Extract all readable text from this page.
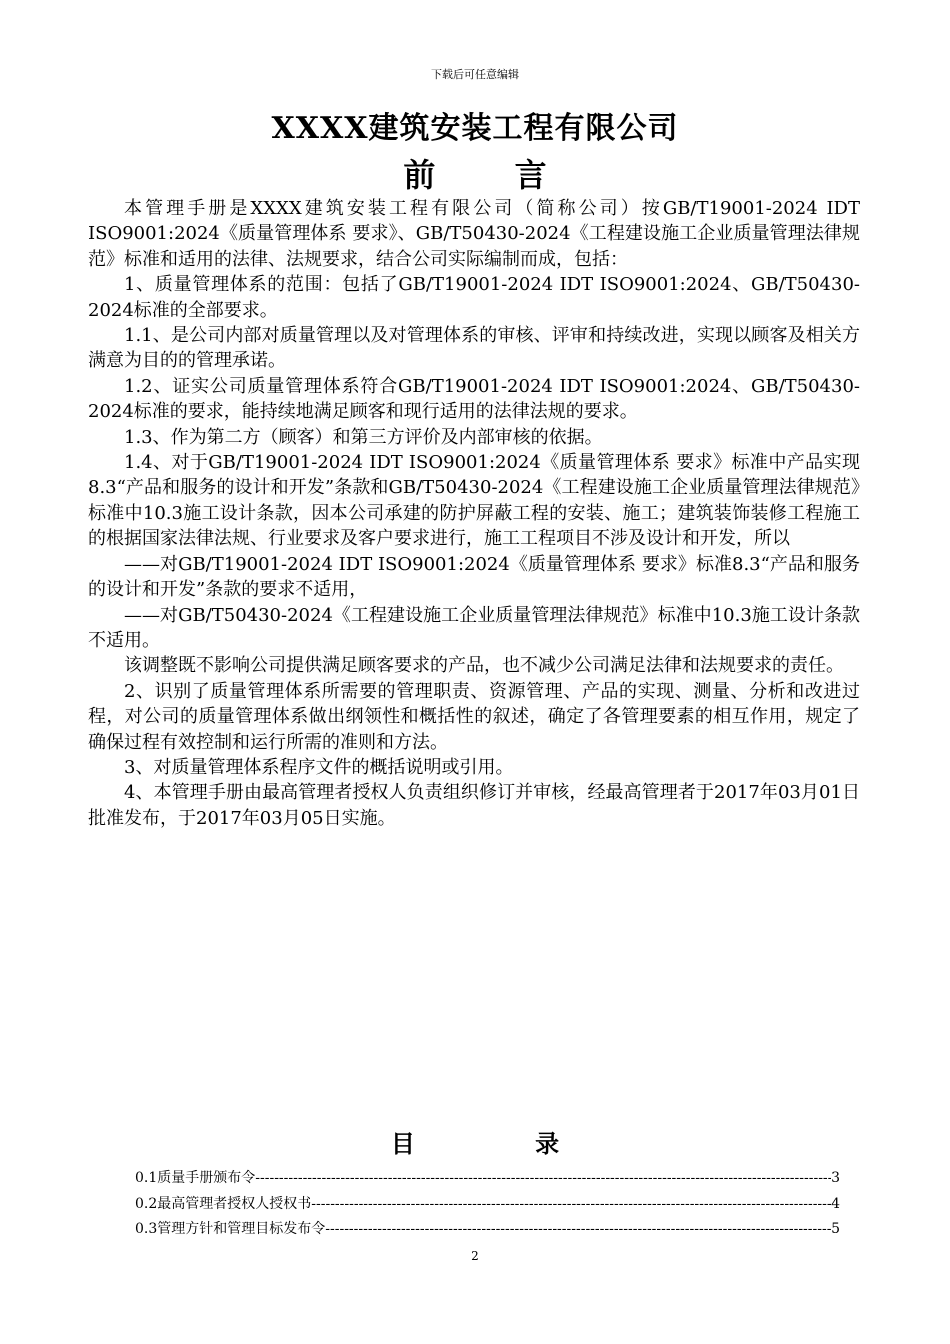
下载后可任意编辑
XXXX建筑安装工程有限公司
前 言

本管理手册是XXXX建筑安装工程有限公司（简称公司）按GB/T19001-2024 IDT ISO9001:2024《质量管理体系 要求》、GB/T50430-2024《工程建设施工企业质量管理法律规范》标准和适用的法律、法规要求，结合公司实际编制而成，包括：

1、质量管理体系的范围：包括了GB/T19001-2024 IDT ISO9001:2024、GB/T50430-2024标准的全部要求。

1.1、是公司内部对质量管理以及对管理体系的审核、评审和持续改进，实现以顾客及相关方满意为目的的管理承诺。

1.2、证实公司质量管理体系符合GB/T19001-2024 IDT ISO9001:2024、GB/T50430-2024标准的要求，能持续地满足顾客和现行适用的法律法规的要求。

1.3、作为第二方（顾客）和第三方评价及内部审核的依据。

1.4、对于GB/T19001-2024 IDT ISO9001:2024《质量管理体系 要求》标准中产品实现8.3“产品和服务的设计和开发”条款和GB/T50430-2024《工程建设施工企业质量管理法律规范》标准中10.3施工设计条款，因本公司承建的防护屏蔽工程的安装、施工；建筑装饰装修工程施工的根据国家法律法规、行业要求及客户要求进行，施工工程项目不涉及设计和开发，所以

——对GB/T19001-2024 IDT ISO9001:2024《质量管理体系 要求》标准8.3“产品和服务的设计和开发”条款的要求不适用，

——对GB/T50430-2024《工程建设施工企业质量管理法律规范》标准中10.3施工设计条款不适用。

该调整既不影响公司提供满足顾客要求的产品，也不减少公司满足法律和法规要求的责任。

2、识别了质量管理体系所需要的管理职责、资源管理、产品的实现、测量、分析和改进过程，对公司的质量管理体系做出纲领性和概括性的叙述，确定了各管理要素的相互作用，规定了确保过程有效控制和运行所需的准则和方法。

3、对质量管理体系程序文件的概括说明或引用。

4、本管理手册由最高管理者授权人负责组织修订并审核，经最高管理者于2017年03月01日批准发布，于2017年03月05日实施。

目 录
0.1质量手册颁布令 -----	3
0.2最高管理者授权人授权书 -----	4
0.3管理方针和管理目标发布令 -----	5
2
